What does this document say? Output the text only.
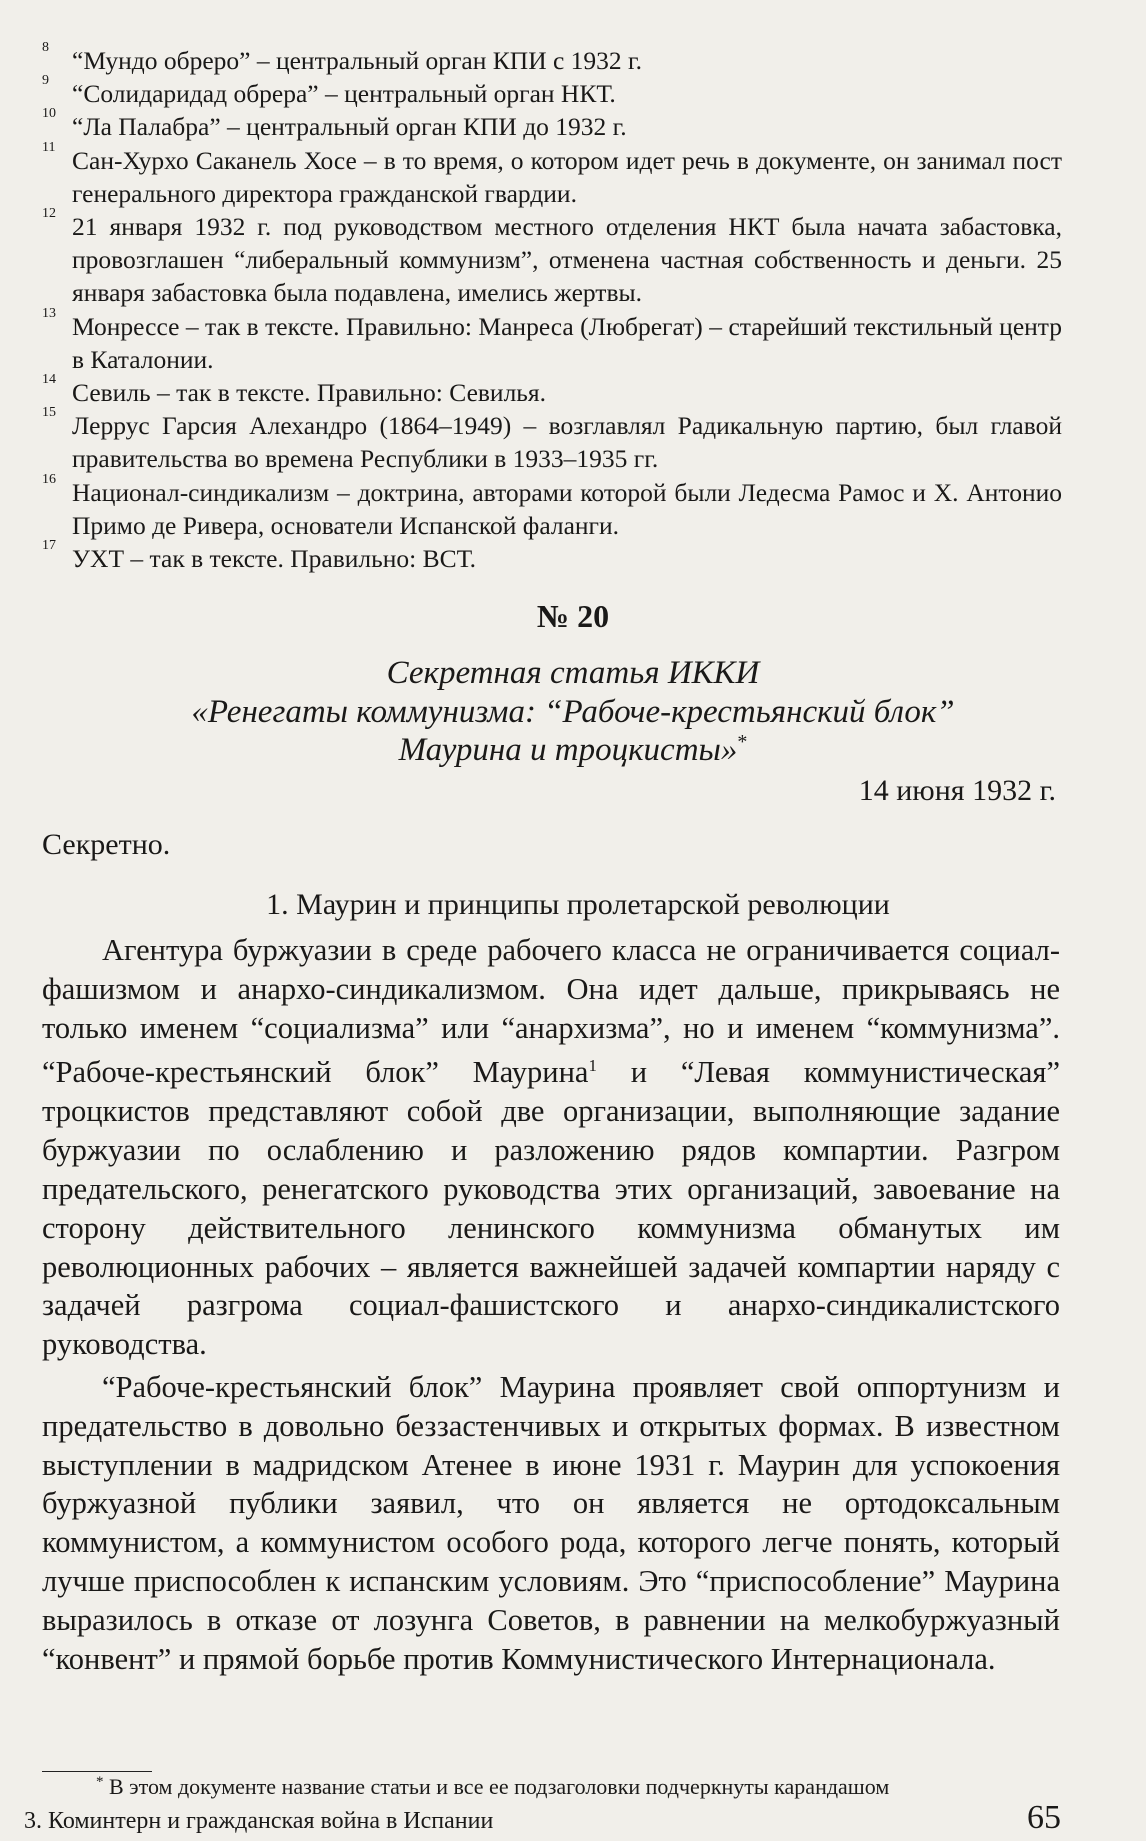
8 “Мундо обреро” – центральный орган КПИ с 1932 г.

9 “Солидаридад обрера” – центральный орган НКТ.

10 “Ла Палабра” – центральный орган КПИ до 1932 г.

11 Сан-Хурхо Саканель Хосе – в то время, о котором идет речь в документе, он занимал пост генерального директора гражданской гвардии.

12 21 января 1932 г. под руководством местного отделения НКТ была начата забастовка, провозглашен “либеральный коммунизм”, отменена частная собственность и деньги. 25 января забастовка была подавлена, имелись жертвы.

13 Монрессе – так в тексте. Правильно: Манреса (Любрегат) – старейший текстильный центр в Каталонии.

14 Севиль – так в тексте. Правильно: Севилья.

15 Леррус Гарсия Алехандро (1864–1949) – возглавлял Радикальную партию, был главой правительства во времена Республики в 1933–1935 гг.

16 Национал-синдикализм – доктрина, авторами которой были Ледесма Рамос и Х. Антонио Примо де Ривера, основатели Испанской фаланги.

17 УХТ – так в тексте. Правильно: ВСТ.

№ 20
Секретная статья ИККИ
«Ренегаты коммунизма: “Рабоче-крестьянский блок”
Маурина и троцкисты»*
14 июня 1932 г.
Секретно.
1. Маурин и принципы пролетарской революции

Агентура буржуазии в среде рабочего класса не ограничивается социал-фашизмом и анархо-синдикализмом. Она идет дальше, прикрываясь не только именем “социализма” или “анархизма”, но и именем “коммунизма”. “Рабоче-крестьянский блок” Маурина$^1$ и “Левая коммунистическая” троцкистов представляют собой две организации, выполняющие задание буржуазии по ослаблению и разложению рядов компартии. Разгром предательского, ренегатского руководства этих организаций, завоевание на сторону действительного ленинского коммунизма обманутых им революционных рабочих – является важнейшей задачей компартии наряду с задачей разгрома социал-фашистского и анархо-синдикалистского руководства.

“Рабоче-крестьянский блок” Маурина проявляет свой оппортунизм и предательство в довольно беззастенчивых и открытых формах. В известном выступлении в мадридском Атенее в июне 1931 г. Маурин для успокоения буржуазной публики заявил, что он является не ортодоксальным коммунистом, а коммунистом особого рода, которого легче понять, который лучше приспособлен к испанским условиям. Это “приспособление” Маурина выразилось в отказе от лозунга Советов, в равнении на мелкобуржуазный “конвент” и прямой борьбе против Коммунистического Интернационала.

* В этом документе название статьи и все ее подзаголовки подчеркнуты карандашом
3. Коминтерн и гражданская война в Испании	65
